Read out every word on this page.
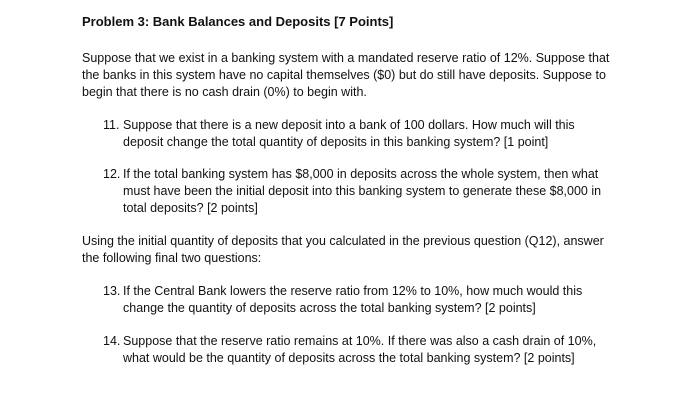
Problem 3: Bank Balances and Deposits [7 Points]
Suppose that we exist in a banking system with a mandated reserve ratio of 12%. Suppose that
the banks in this system have no capital themselves ($0) but do still have deposits. Suppose to
begin that there is no cash drain (0%) to begin with.
11. Suppose that there is a new deposit into a bank of 100 dollars. How much will this
deposit change the total quantity of deposits in this banking system? [1 point]
12. If the total banking system has $8,000 in deposits across the whole system, then what
must have been the initial deposit into this banking system to generate these $8,000 in
total deposits? [2 points]
Using the initial quantity of deposits that you calculated in the previous question (Q12), answer
the following final two questions:
13. If the Central Bank lowers the reserve ratio from 12% to 10%, how much would this
change the quantity of deposits across the total banking system? [2 points]
14. Suppose that the reserve ratio remains at 10%. If there was also a cash drain of 10%,
what would be the quantity of deposits across the total banking system? [2 points]
